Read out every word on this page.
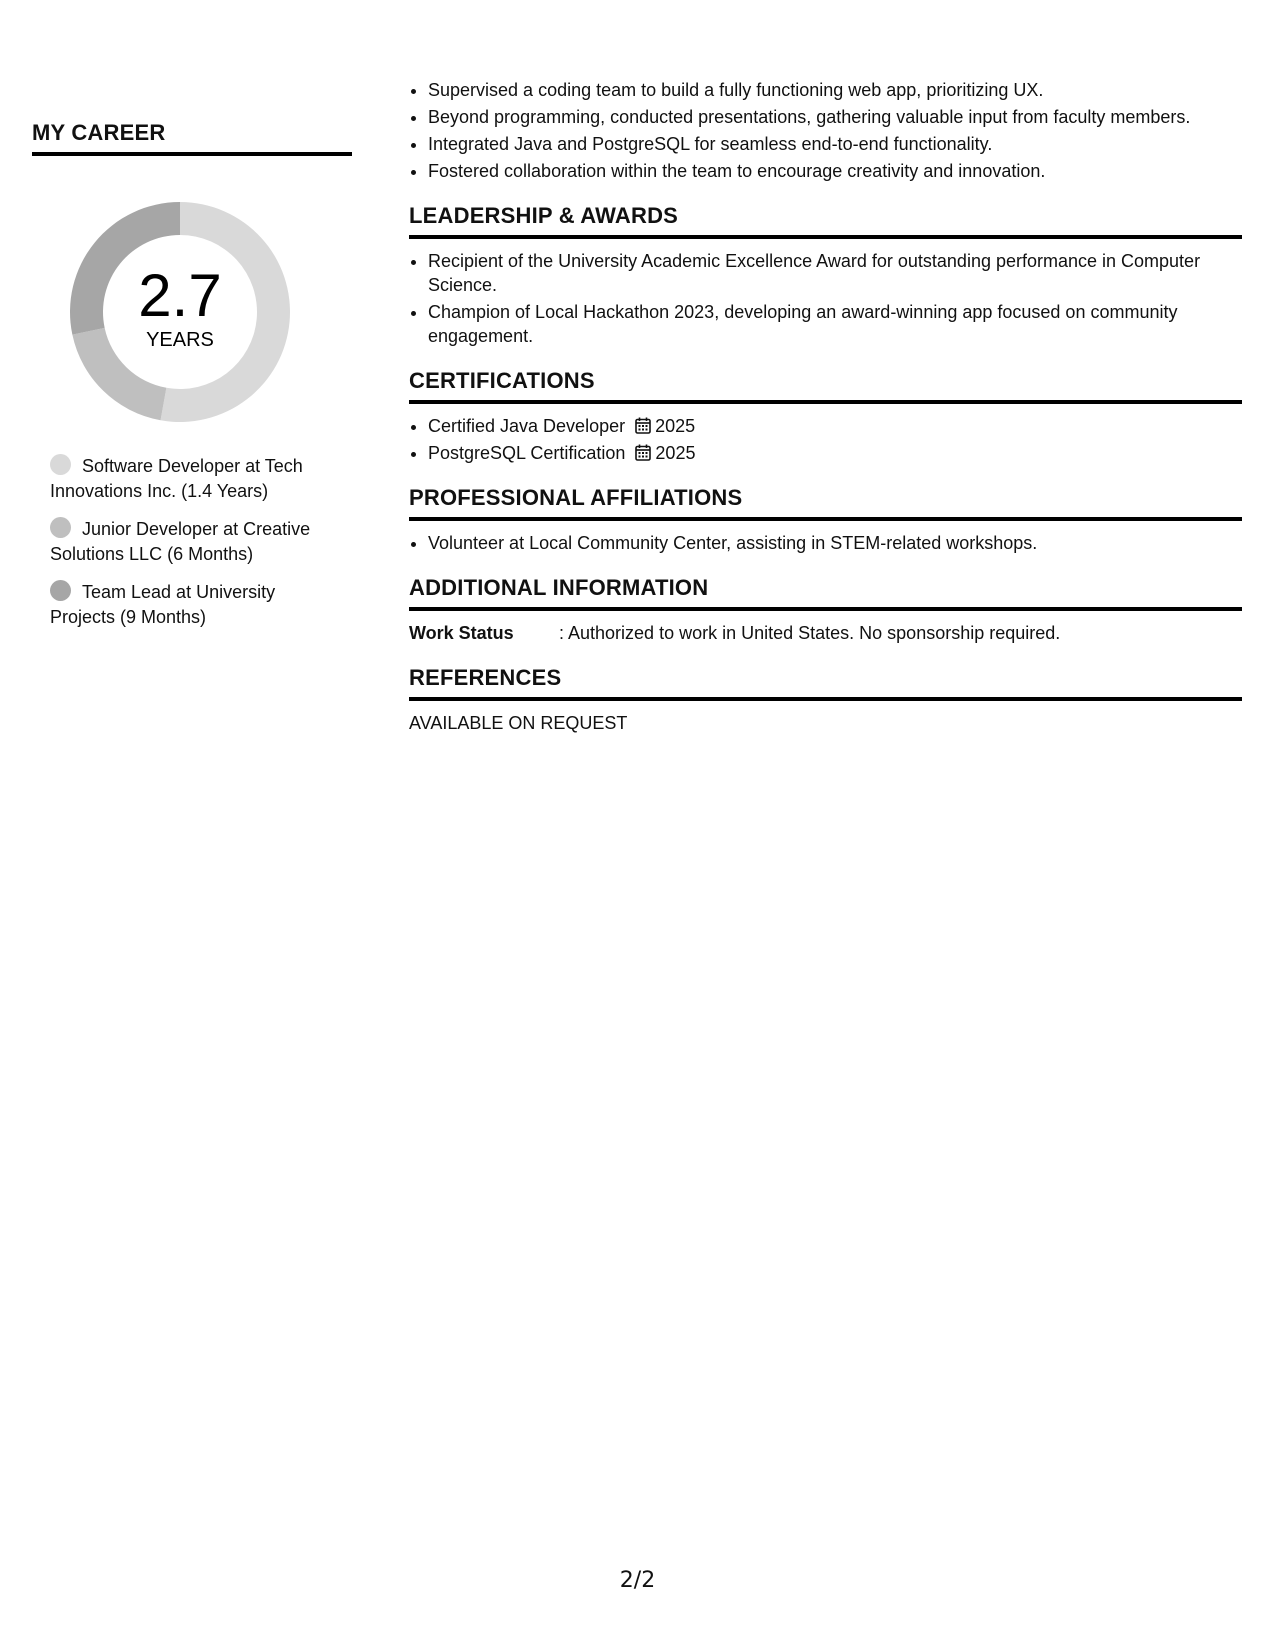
MY CAREER
2.7
YEARS
Software Developer at Tech Innovations Inc. (1.4 Years)
Junior Developer at Creative Solutions LLC (6 Months)
Team Lead at University Projects (9 Months)
• Supervised a coding team to build a fully functioning web app, prioritizing UX.
• Beyond programming, conducted presentations, gathering valuable input from faculty members.
• Integrated Java and PostgreSQL for seamless end-to-end functionality.
• Fostered collaboration within the team to encourage creativity and innovation.
LEADERSHIP & AWARDS
• Recipient of the University Academic Excellence Award for outstanding performance in Computer Science.
• Champion of Local Hackathon 2023, developing an award-winning app focused on community engagement.
CERTIFICATIONS
• Certified Java Developer 2025
• PostgreSQL Certification 2025
PROFESSIONAL AFFILIATIONS
• Volunteer at Local Community Center, assisting in STEM-related workshops.
ADDITIONAL INFORMATION
Work Status	: Authorized to work in United States. No sponsorship required.
REFERENCES

AVAILABLE ON REQUEST

2/2
